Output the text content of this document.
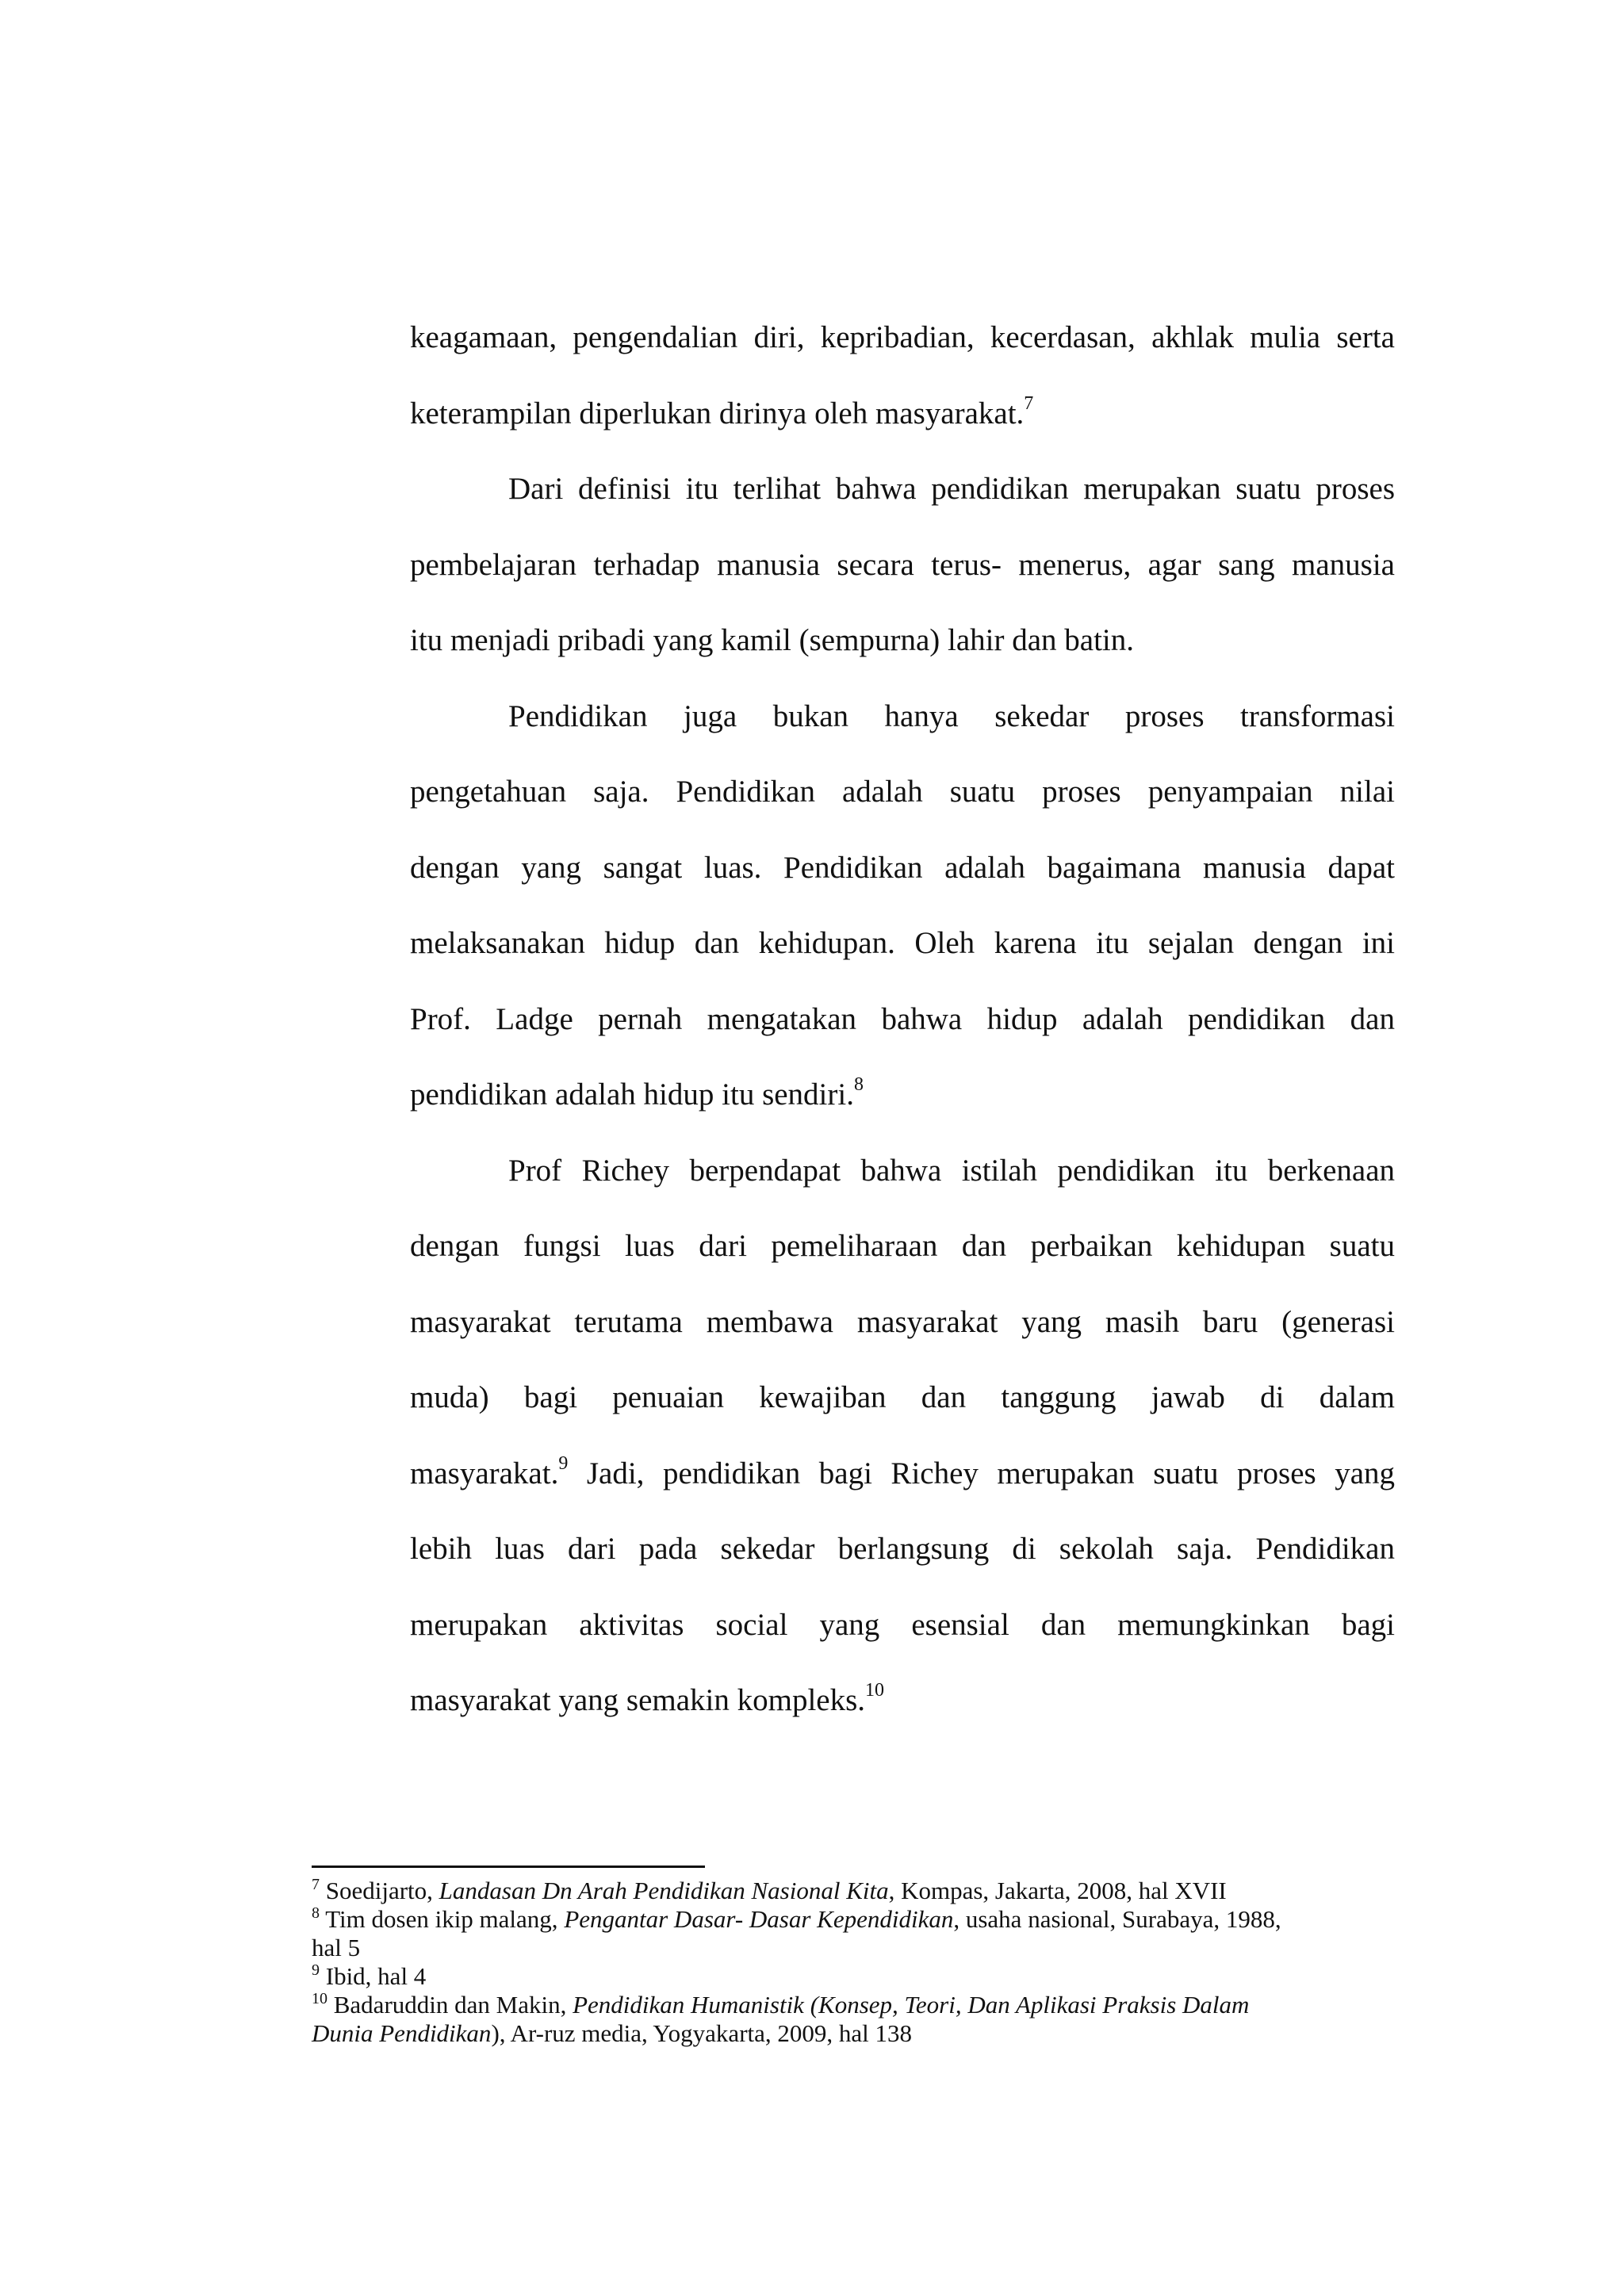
keagamaan, pengendalian diri, kepribadian, kecerdasan, akhlak mulia serta
keterampilan diperlukan dirinya oleh masyarakat.$^7$
Dari definisi itu terlihat bahwa pendidikan merupakan suatu proses
pembelajaran terhadap manusia secara terus- menerus, agar sang manusia
itu menjadi pribadi yang kamil (sempurna) lahir dan batin.
Pendidikan juga bukan hanya sekedar proses transformasi
pengetahuan saja. Pendidikan adalah suatu proses penyampaian nilai
dengan yang sangat luas. Pendidikan adalah bagaimana manusia dapat
melaksanakan hidup dan kehidupan. Oleh karena itu sejalan dengan ini
Prof. Ladge pernah mengatakan bahwa hidup adalah pendidikan dan
pendidikan adalah hidup itu sendiri.$^8$
Prof Richey berpendapat bahwa istilah pendidikan itu berkenaan
dengan fungsi luas dari pemeliharaan dan perbaikan kehidupan suatu
masyarakat terutama membawa masyarakat yang masih baru (generasi
muda) bagi penuaian kewajiban dan tanggung jawab di dalam
masyarakat.$^9$ Jadi, pendidikan bagi Richey merupakan suatu proses yang
lebih luas dari pada sekedar berlangsung di sekolah saja. Pendidikan
merupakan aktivitas social yang esensial dan memungkinkan bagi
masyarakat yang semakin kompleks.$^{10}$
$^7$ Soedijarto, Landasan Dn Arah Pendidikan Nasional Kita, Kompas, Jakarta, 2008, hal XVII
$^8$ Tim dosen ikip malang, Pengantar Dasar- Dasar Kependidikan, usaha nasional, Surabaya, 1988,
hal 5
$^9$ Ibid, hal 4
$^{10}$ Badaruddin dan Makin, Pendidikan Humanistik (Konsep, Teori, Dan Aplikasi Praksis Dalam
Dunia Pendidikan), Ar-ruz media, Yogyakarta, 2009, hal 138
